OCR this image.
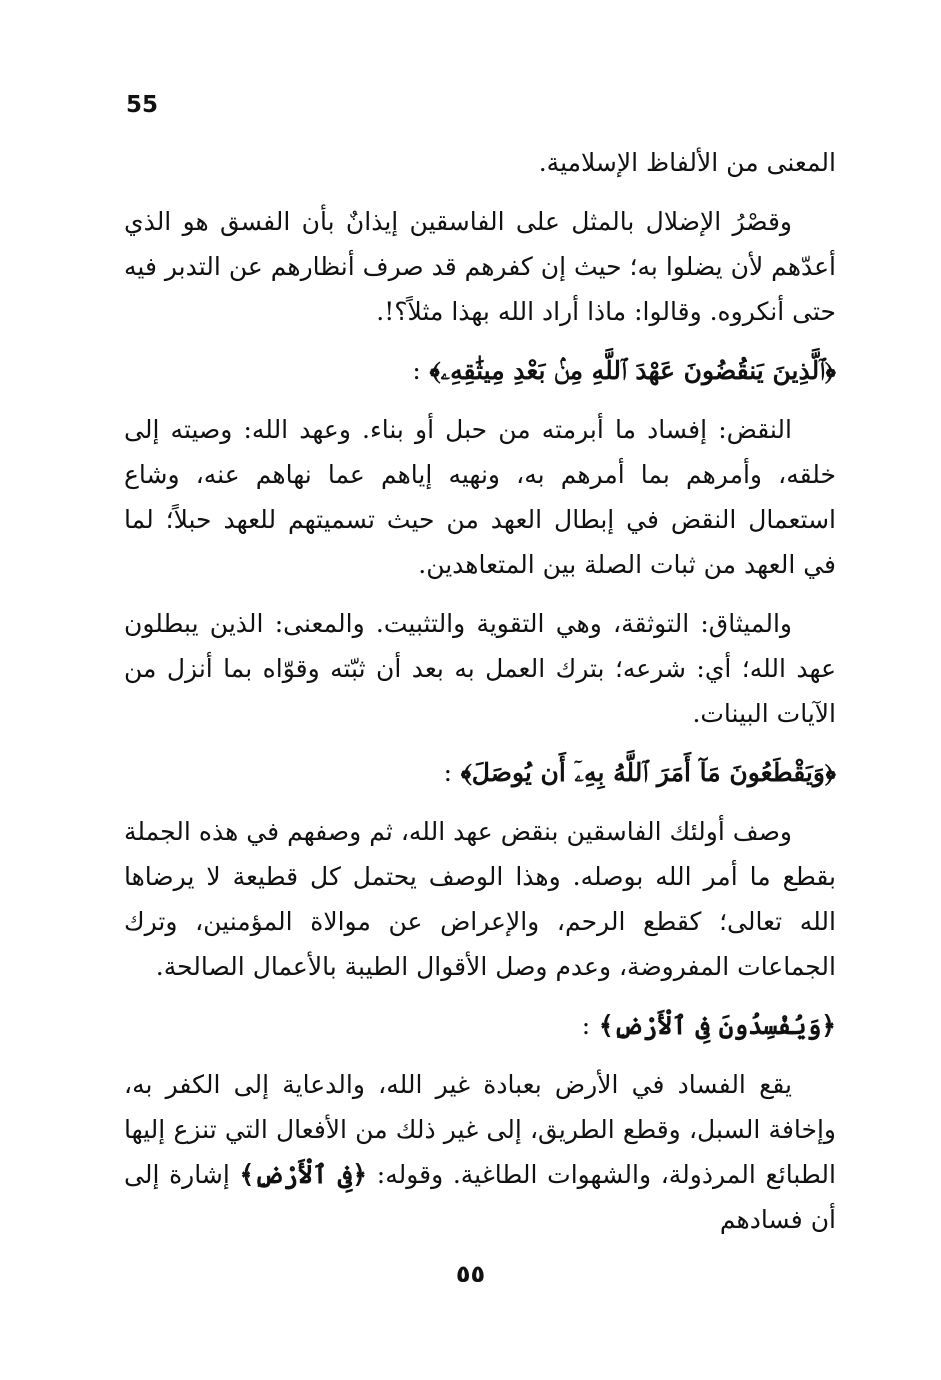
55

المعنى من الألفاظ الإسلامية.

وقصْرُ الإضلال بالمثل على الفاسقين إيذانٌ بأن الفسق هو الذي أعدّهم لأن يضلوا به؛ حيث إن كفرهم قد صرف أنظارهم عن التدبر فيه حتى أنكروه. وقالوا: ماذا أراد الله بهذا مثلاً؟!.

﴿ٱلَّذِينَ يَنقُضُونَ عَهْدَ ٱللَّهِ مِنۢ بَعْدِ مِيثَٰقِهِۦ﴾ :

النقض: إفساد ما أبرمته من حبل أو بناء. وعهد الله: وصيته إلى خلقه، وأمرهم بما أمرهم به، ونهيه إياهم عما نهاهم عنه، وشاع استعمال النقض في إبطال العهد من حيث تسميتهم للعهد حبلاً؛ لما في العهد من ثبات الصلة بين المتعاهدين.

والميثاق: التوثقة، وهي التقوية والتثبيت. والمعنى: الذين يبطلون عهد الله؛ أي: شرعه؛ بترك العمل به بعد أن ثبّته وقوّاه بما أنزل من الآيات البينات.

﴿وَيَقْطَعُونَ مَآ أَمَرَ ٱللَّهُ بِهِۦٓ أَن يُوصَلَ﴾ :

وصف أولئك الفاسقين بنقض عهد الله، ثم وصفهم في هذه الجملة بقطع ما أمر الله بوصله. وهذا الوصف يحتمل كل قطيعة لا يرضاها الله تعالى؛ كقطع الرحم، والإعراض عن موالاة المؤمنين، وترك الجماعات المفروضة، وعدم وصل الأقوال الطيبة بالأعمال الصالحة.

﴿وَيُفْسِدُونَ فِى ٱلْأَرْضِ﴾ :

يقع الفساد في الأرض بعبادة غير الله، والدعاية إلى الكفر به، وإخافة السبل، وقطع الطريق، إلى غير ذلك من الأفعال التي تنزع إليها الطبائع المرذولة، والشهوات الطاغية. وقوله: ﴿فِى ٱلْأَرْضِ﴾ إشارة إلى أن فسادهم

٥٥
